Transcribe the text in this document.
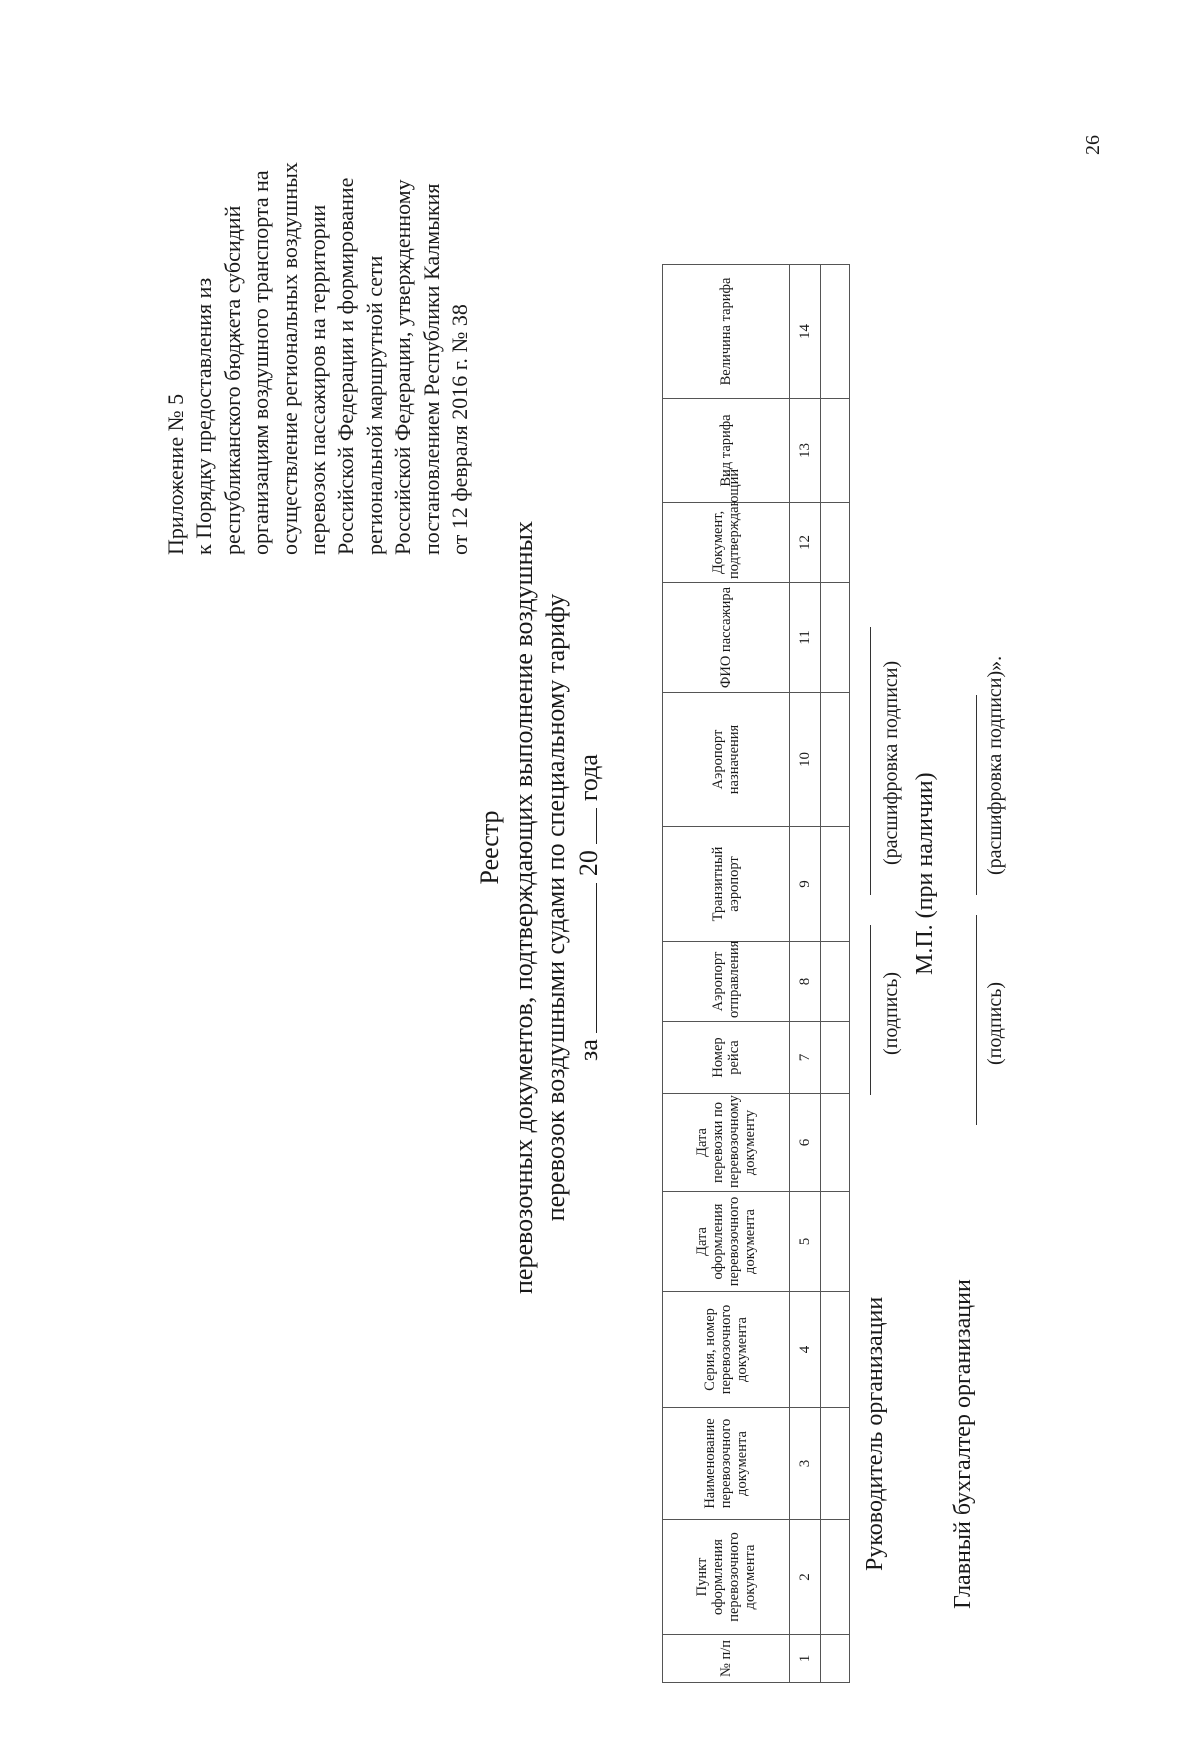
Приложение № 5 к Порядку предоставления из республиканского бюджета субсидий организациям воздушного транспорта на осуществление региональных воздушных перевозок пассажиров на территории Российской Федерации и формирование региональной маршрутной сети Российской Федерации, утвержденному постановлением Республики Калмыкия от 12 февраля 2016 г. № 38
26
Реестр перевозочных документов, подтверждающих выполнение воздушных перевозок воздушными судами по специальному тарифу за  20  года
№ п/п	Пункт оформления перевозочного документа	Наименование перевозочного документа	Серия, номер перевозочного документа	Дата оформления перевозочного документа	Дата перевозки по перевозочному документу	Номер рейса	Аэропорт отправления	Транзитный аэропорт	Аэропорт назначения	ФИО пассажира	Документ, подтверждающий	Вид тарифа	Величина тарифа
1	2	3	4	5	6	7	8	9	10	11	12	13	14

Руководитель организации
(подпись)
(расшифровка подписи)
М.П. (при наличии)
Главный бухгалтер организации
(подпись)
(расшифровка подписи)».
